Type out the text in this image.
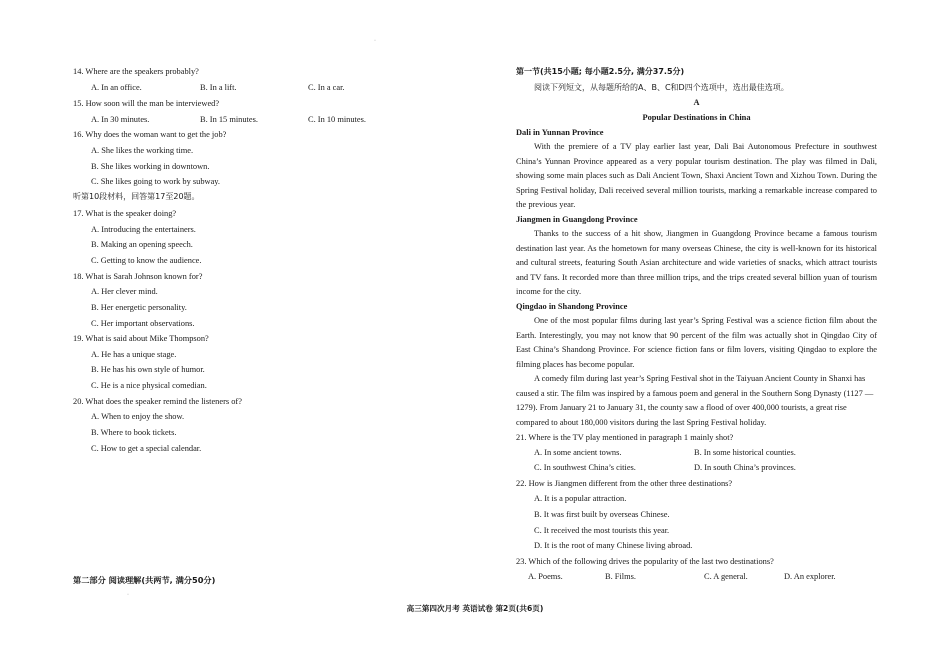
·
·
14. Where are the speakers probably?
A. In an office.	B. In a lift.	C. In a car.
15. How soon will the man be interviewed?
A. In 30 minutes.	B. In 15 minutes.	C. In 10 minutes.
16. Why does the woman want to get the job?
A. She likes the working time.
B. She likes working in downtown.
C. She likes going to work by subway.
听第10段材料，回答第17至20题。
17. What is the speaker doing?
A. Introducing the entertainers.
B. Making an opening speech.
C. Getting to know the audience.
18. What is Sarah Johnson known for?
A. Her clever mind.
B. Her energetic personality.
C. Her important observations.
19. What is said about Mike Thompson?
A. He has a unique stage.
B. He has his own style of humor.
C. He is a nice physical comedian.
20. What does the speaker remind the listeners of?
A. When to enjoy the show.
B. Where to book tickets.
C. How to get a special calendar.
第二部分 阅读理解(共两节, 满分50分)
第一节(共15小题; 每小题2.5分, 满分37.5分)
阅读下列短文，从每题所给的A、B、C和D四个选项中，选出最佳选项。
A
Popular Destinations in China
Dali in Yunnan Province
With the premiere of a TV play earlier last year, Dali Bai Autonomous Prefecture in southwest China’s Yunnan Province appeared as a very popular tourism destination. The play was filmed in Dali, showing some main places such as Dali Ancient Town, Shaxi Ancient Town and Xizhou Town. During the Spring Festival holiday, Dali received several million tourists, marking a remarkable increase compared to the previous year.
Jiangmen in Guangdong Province
Thanks to the success of a hit show, Jiangmen in Guangdong Province became a famous tourism destination last year. As the hometown for many overseas Chinese, the city is well-known for its historical and cultural streets, featuring South Asian architecture and wide varieties of snacks, which attract tourists and TV fans. It recorded more than three million trips, and the trips created several billion yuan of tourism income for the city.
Qingdao in Shandong Province
One of the most popular films during last year’s Spring Festival was a science fiction film about the Earth. Interestingly, you may not know that 90 percent of the film was actually shot in Qingdao City of East China’s Shandong Province. For science fiction fans or film lovers, visiting Qingdao to explore the filming places has become popular.
A comedy film during last year’s Spring Festival shot in the Taiyuan Ancient County in Shanxi has caused a stir. The film was inspired by a famous poem and general in the Southern Song Dynasty (1127 — 1279). From January 21 to January 31, the county saw a flood of over 400,000 tourists, a great rise compared to about 180,000 visitors during the last Spring Festival holiday.
21. Where is the TV play mentioned in paragraph 1 mainly shot?
A. In some ancient towns.	B. In some historical counties.
C. In southwest China’s cities.	D. In south China’s provinces.
22. How is Jiangmen different from the other three destinations?
A. It is a popular attraction.
B. It was first built by overseas Chinese.
C. It received the most tourists this year.
D. It is the root of many Chinese living abroad.
23. Which of the following drives the popularity of the last two destinations?
A. Poems.	B. Films.	C. A general.	D. An explorer.
高三第四次月考 英语试卷 第2页(共6页)
